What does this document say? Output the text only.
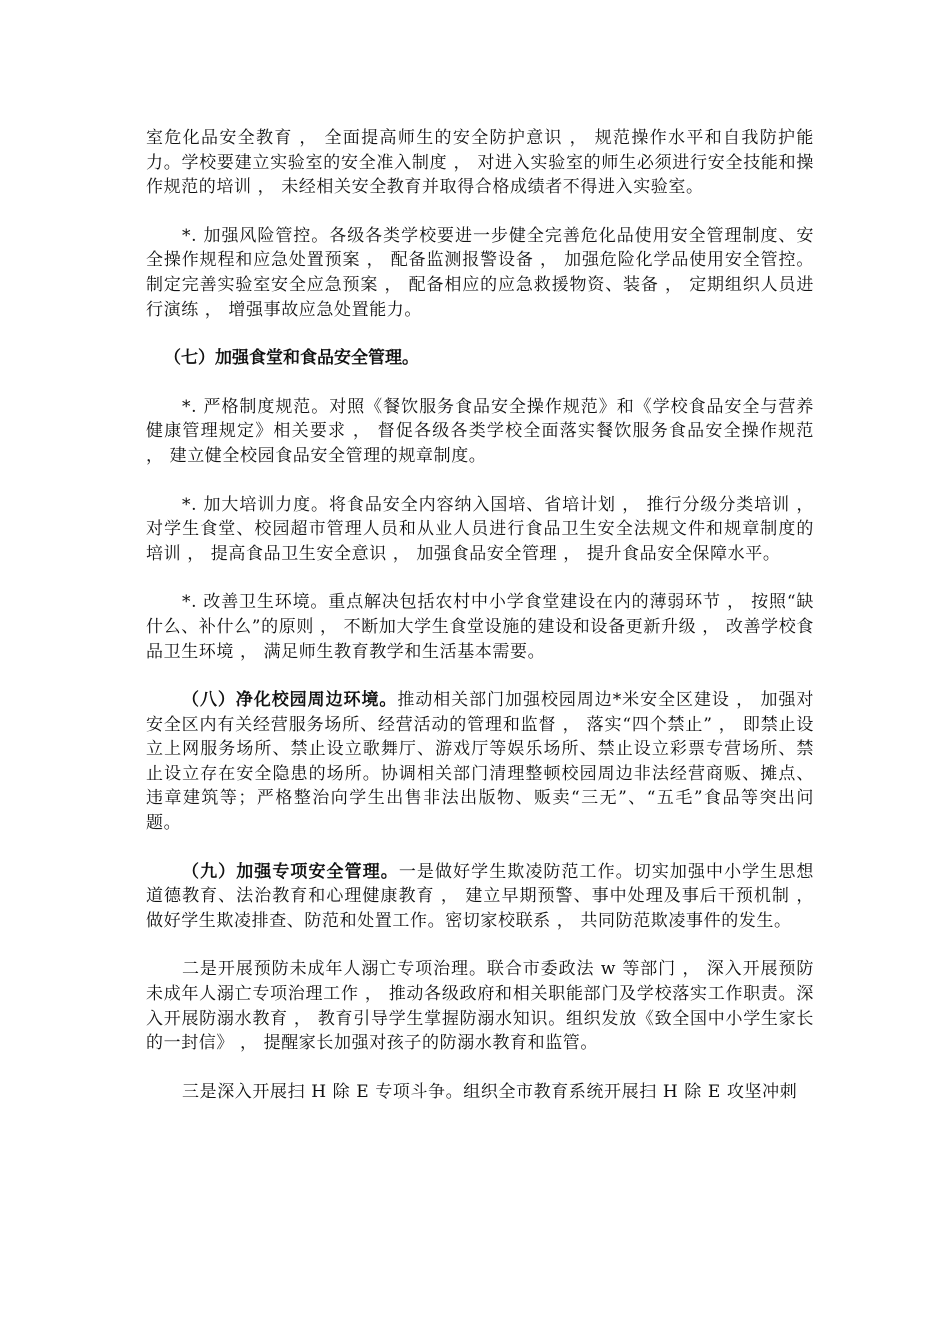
室危化品安全教育 ， 全面提高师生的安全防护意识 ， 规范操作水平和自我防护能力。学校要建立实验室的安全准入制度 ， 对进入实验室的师生必须进行安全技能和操作规范的培训 ， 未经相关安全教育并取得合格成绩者不得进入实验室。

*. 加强风险管控。各级各类学校要进一步健全完善危化品使用安全管理制度、安全操作规程和应急处置预案 ， 配备监测报警设备 ， 加强危险化学品使用安全管控。制定完善实验室安全应急预案 ， 配备相应的应急救援物资、装备 ， 定期组织人员进行演练 ， 增强事故应急处置能力。

（七）加强食堂和食品安全管理。

*. 严格制度规范。对照《餐饮服务食品安全操作规范》和《学校食品安全与营养健康管理规定》相关要求 ， 督促各级各类学校全面落实餐饮服务食品安全操作规范 ， 建立健全校园食品安全管理的规章制度。

*. 加大培训力度。将食品安全内容纳入国培、省培计划 ， 推行分级分类培训 ， 对学生食堂、校园超市管理人员和从业人员进行食品卫生安全法规文件和规章制度的培训 ， 提高食品卫生安全意识 ， 加强食品安全管理 ， 提升食品安全保障水平。

*. 改善卫生环境。重点解决包括农村中小学食堂建设在内的薄弱环节 ， 按照“缺什么、补什么”的原则 ， 不断加大学生食堂设施的建设和设备更新升级 ， 改善学校食品卫生环境 ， 满足师生教育教学和生活基本需要。

（八）净化校园周边环境。推动相关部门加强校园周边*米安全区建设 ， 加强对安全区内有关经营服务场所、经营活动的管理和监督 ， 落实“四个禁止” ， 即禁止设立上网服务场所、禁止设立歌舞厅、游戏厅等娱乐场所、禁止设立彩票专营场所、禁止设立存在安全隐患的场所。协调相关部门清理整顿校园周边非法经营商贩、摊点、违章建筑等；严格整治向学生出售非法出版物、贩卖“三无”、“五毛”食品等突出问题。

（九）加强专项安全管理。一是做好学生欺凌防范工作。切实加强中小学生思想道德教育、法治教育和心理健康教育 ， 建立早期预警、事中处理及事后干预机制 ， 做好学生欺凌排查、防范和处置工作。密切家校联系 ， 共同防范欺凌事件的发生。

二是开展预防未成年人溺亡专项治理。联合市委政法 w 等部门 ， 深入开展预防未成年人溺亡专项治理工作 ， 推动各级政府和相关职能部门及学校落实工作职责。深入开展防溺水教育 ， 教育引导学生掌握防溺水知识。组织发放《致全国中小学生家长的一封信》 ， 提醒家长加强对孩子的防溺水教育和监管。

三是深入开展扫 H 除 E 专项斗争。组织全市教育系统开展扫 H 除 E 攻坚冲刺
